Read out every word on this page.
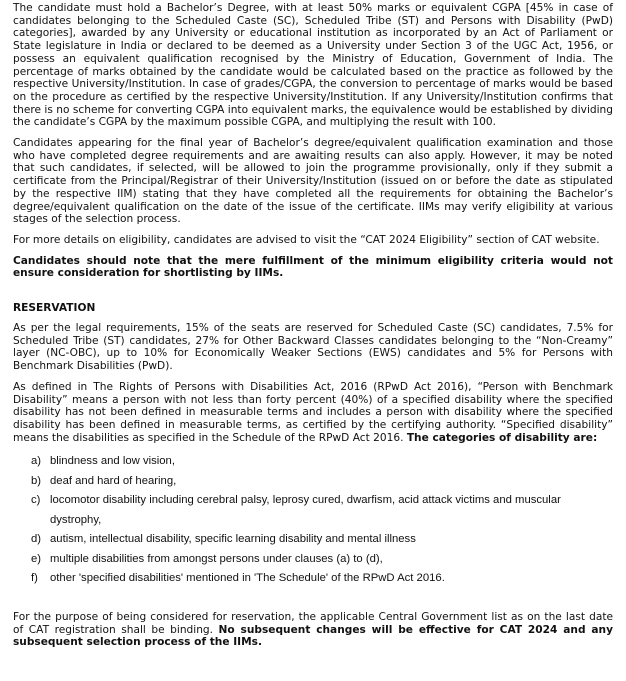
The candidate must hold a Bachelor’s Degree, with at least 50% marks or equivalent CGPA [45% in case of candidates belonging to the Scheduled Caste (SC), Scheduled Tribe (ST) and Persons with Disability (PwD) categories], awarded by any University or educational institution as incorporated by an Act of Parliament or State legislature in India or declared to be deemed as a University under Section 3 of the UGC Act, 1956, or possess an equivalent qualification recognised by the Ministry of Education, Government of India. The percentage of marks obtained by the candidate would be calculated based on the practice as followed by the respective University/Institution. In case of grades/CGPA, the conversion to percentage of marks would be based on the procedure as certified by the respective University/Institution. If any University/Institution confirms that there is no scheme for converting CGPA into equivalent marks, the equivalence would be established by dividing the candidate’s CGPA by the maximum possible CGPA, and multiplying the result with 100.

Candidates appearing for the final year of Bachelor’s degree/equivalent qualification examination and those who have completed degree requirements and are awaiting results can also apply. However, it may be noted that such candidates, if selected, will be allowed to join the programme provisionally, only if they submit a certificate from the Principal/Registrar of their University/Institution (issued on or before the date as stipulated by the respective IIM) stating that they have completed all the requirements for obtaining the Bachelor’s degree/equivalent qualification on the date of the issue of the certificate. IIMs may verify eligibility at various stages of the selection process.

For more details on eligibility, candidates are advised to visit the “CAT 2024 Eligibility” section of CAT website.

Candidates should note that the mere fulfillment of the minimum eligibility criteria would not ensure consideration for shortlisting by IIMs.

RESERVATION

As per the legal requirements, 15% of the seats are reserved for Scheduled Caste (SC) candidates, 7.5% for Scheduled Tribe (ST) candidates, 27% for Other Backward Classes candidates belonging to the “Non-Creamy” layer (NC-OBC), up to 10% for Economically Weaker Sections (EWS) candidates and 5% for Persons with Benchmark Disabilities (PwD).

As defined in The Rights of Persons with Disabilities Act, 2016 (RPwD Act 2016), “Person with Benchmark Disability” means a person with not less than forty percent (40%) of a specified disability where the specified disability has not been defined in measurable terms and includes a person with disability where the specified disability has been defined in measurable terms, as certified by the certifying authority. “Specified disability” means the disabilities as specified in the Schedule of the RPwD Act 2016. The categories of disability are:

a) blindness and low vision,
b) deaf and hard of hearing,
c) locomotor disability including cerebral palsy, leprosy cured, dwarfism, acid attack victims and muscular dystrophy,
d) autism, intellectual disability, specific learning disability and mental illness
e) multiple disabilities from amongst persons under clauses (a) to (d),
f) other 'specified disabilities' mentioned in 'The Schedule' of the RPwD Act 2016.

For the purpose of being considered for reservation, the applicable Central Government list as on the last date of CAT registration shall be binding. No subsequent changes will be effective for CAT 2024 and any subsequent selection process of the IIMs.
